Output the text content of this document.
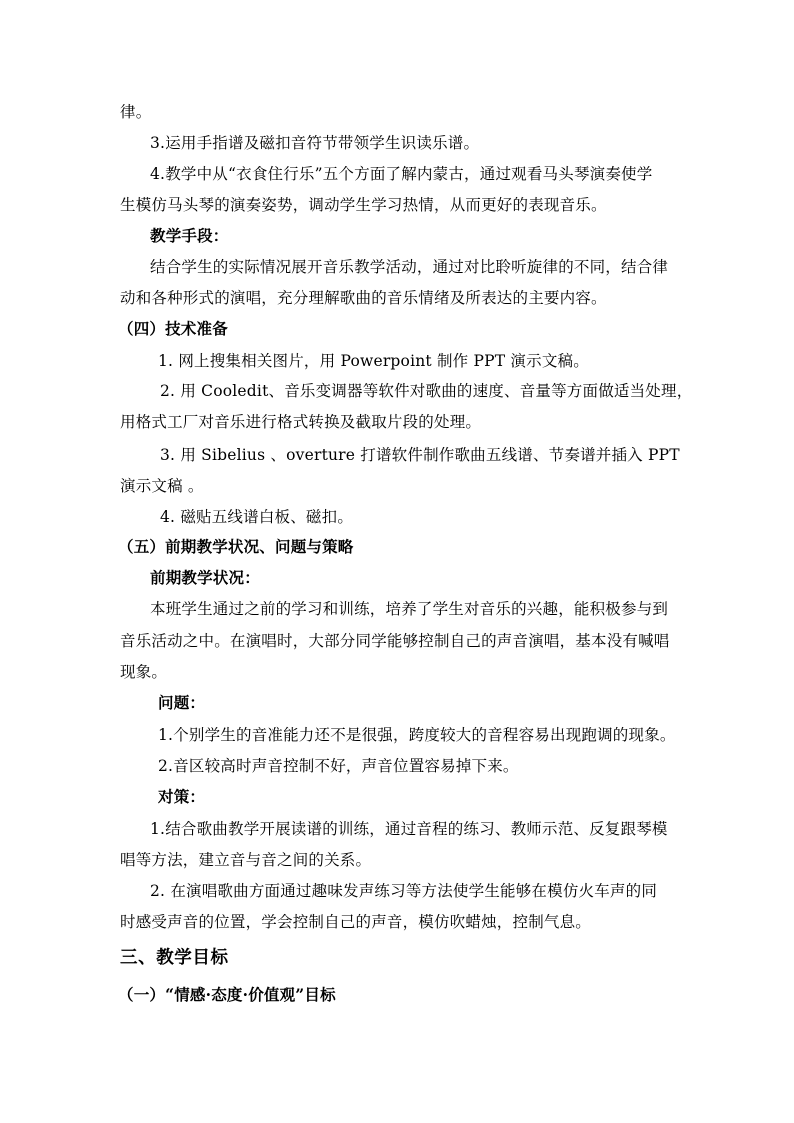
律。
3.运用手指谱及磁扣音符节带领学生识读乐谱。
4.教学中从“衣食住行乐”五个方面了解内蒙古，通过观看马头琴演奏使学
生模仿马头琴的演奏姿势，调动学生学习热情，从而更好的表现音乐。
教学手段：
结合学生的实际情况展开音乐教学活动，通过对比聆听旋律的不同，结合律
动和各种形式的演唱，充分理解歌曲的音乐情绪及所表达的主要内容。
（四）技术准备
1. 网上搜集相关图片，用 Powerpoint 制作 PPT 演示文稿。
2. 用 Cooledit、音乐变调器等软件对歌曲的速度、音量等方面做适当处理，
用格式工厂对音乐进行格式转换及截取片段的处理。
3. 用 Sibelius 、overture 打谱软件制作歌曲五线谱、节奏谱并插入 PPT
演示文稿 。
4. 磁贴五线谱白板、磁扣。
（五）前期教学状况、问题与策略
前期教学状况：
本班学生通过之前的学习和训练，培养了学生对音乐的兴趣，能积极参与到
音乐活动之中。在演唱时，大部分同学能够控制自己的声音演唱，基本没有喊唱
现象。
问题：
1.个别学生的音准能力还不是很强，跨度较大的音程容易出现跑调的现象。
2.音区较高时声音控制不好，声音位置容易掉下来。
对策：
1.结合歌曲教学开展读谱的训练，通过音程的练习、教师示范、反复跟琴模
唱等方法，建立音与音之间的关系。
2. 在演唱歌曲方面通过趣味发声练习等方法使学生能够在模仿火车声的同
时感受声音的位置，学会控制自己的声音，模仿吹蜡烛，控制气息。
三、教学目标
（一）“情感·态度·价值观”目标
